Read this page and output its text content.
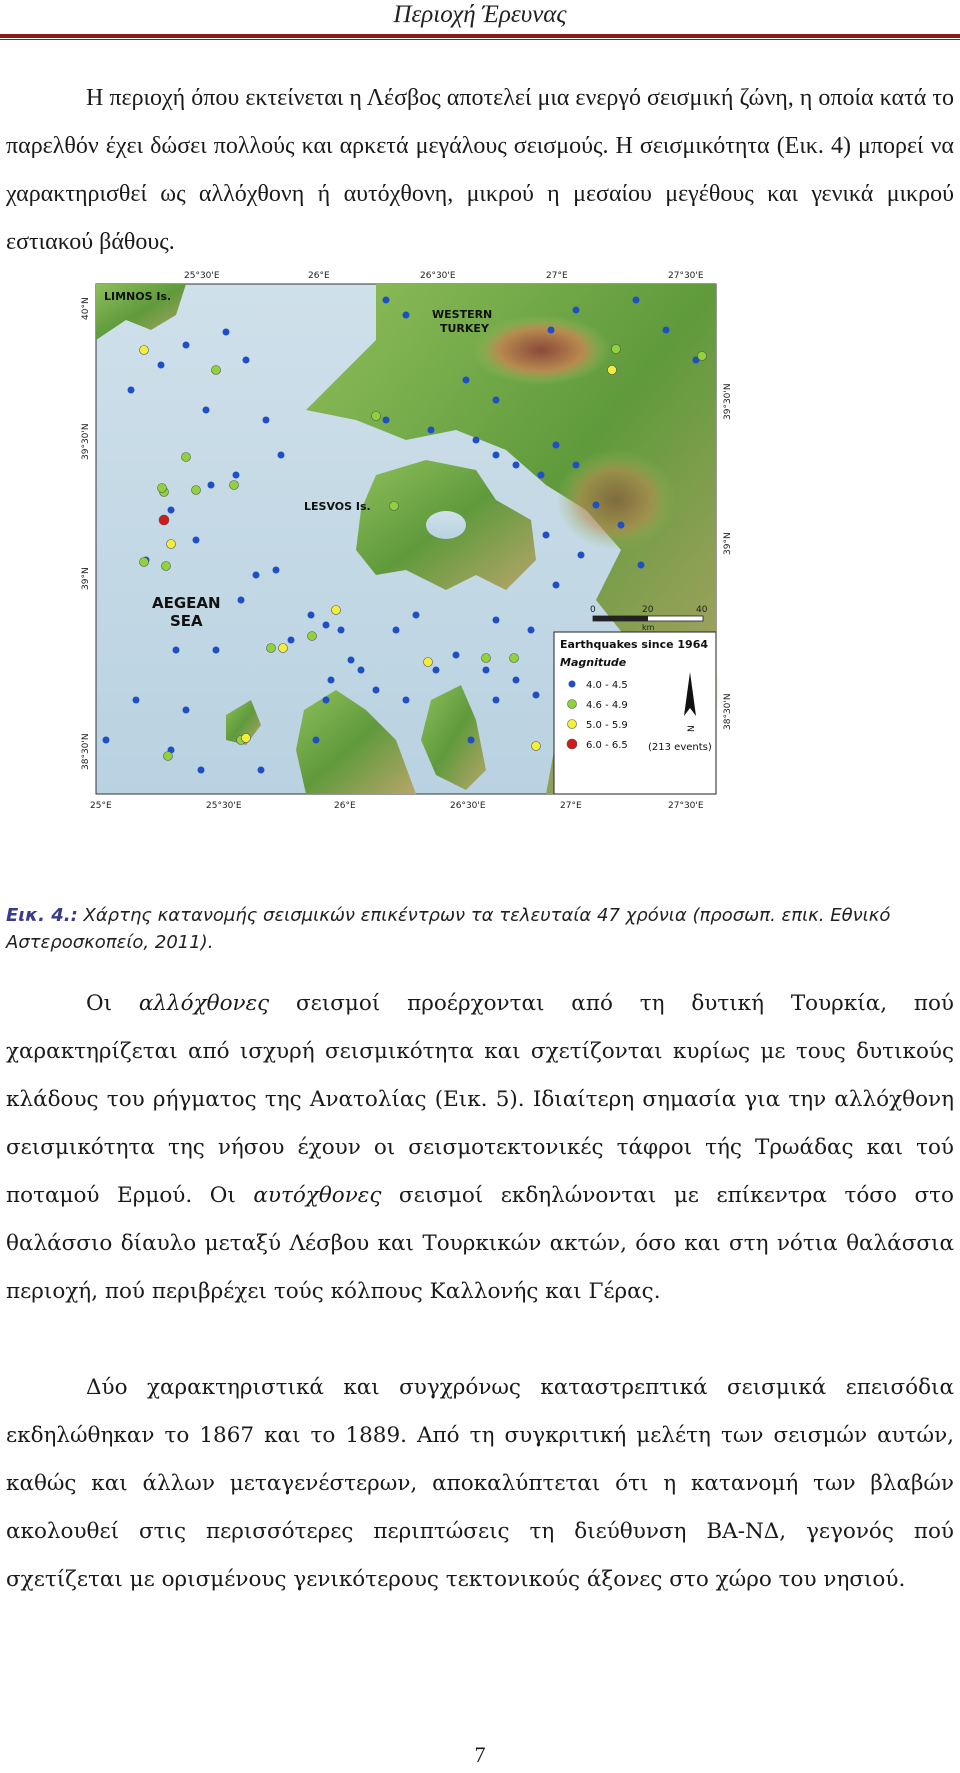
Περιοχή Έρευνας

Η περιοχή όπου εκτείνεται η Λέσβος αποτελεί μια ενεργό σεισμική ζώνη, η οποία κατά το παρελθόν έχει δώσει πολλούς και αρκετά μεγάλους σεισμούς. Η σεισμικότητα (Εικ. 4) μπορεί να χαρακτηρισθεί ως αλλόχθονη ή αυτόχθονη, μικρού η μεσαίου μεγέθους και γενικά μικρού εστιακού βάθους.

LIMNOS Is.
LESVOS Is.
WESTERN
TURKEY
AEGEAN
SEA
25°30'E	26°E	26°30'E	27°E	27°30'E
25°E	25°30'E	26°E	26°30'E	27°E	27°30'E
40°N
39°30'N
39°N
38°30'N
39°30'N
39°N
38°30'N
0	20	40
km
Earthquakes since 1964
Magnitude
4.0 - 4.5
4.6 - 4.9
5.0 - 5.9
6.0 - 6.5 (213 events)
N
Εικ. 4.: Χάρτης κατανομής σεισμικών επικέντρων τα τελευταία 47 χρόνια (προσωπ. επικ. Εθνικό Αστεροσκοπείο, 2011).

Οι αλλόχθονες σεισμοί προέρχονται από τη δυτική Τουρκία, πού χαρακτηρίζεται από ισχυρή σεισμικότητα και σχετίζονται κυρίως με τους δυτικούς κλάδους του ρήγματος της Ανατολίας (Εικ. 5). Ιδιαίτερη σημασία για την αλλόχθονη σεισμικότητα της νήσου έχουν οι σεισμοτεκτονικές τάφροι τής Τρωάδας και τού ποταμού Ερμού. Οι αυτόχθονες σεισμοί εκδηλώνονται με επίκεντρα τόσο στο θαλάσσιο δίαυλο μεταξύ Λέσβου και Τουρκικών ακτών, όσο και στη νότια θαλάσσια περιοχή, πού περιβρέχει τούς κόλπους Καλλονής και Γέρας.

Δύο χαρακτηριστικά και συγχρόνως καταστρεπτικά σεισμικά επεισόδια εκδηλώθηκαν το 1867 και το 1889. Από τη συγκριτική μελέτη των σεισμών αυτών, καθώς και άλλων μεταγενέστερων, αποκαλύπτεται ότι η κατανομή των βλαβών ακολουθεί στις περισσότερες περιπτώσεις τη διεύθυνση ΒΑ-ΝΔ, γεγονός πού σχετίζεται με ορισμένους γενικότερους τεκτονικούς άξονες στο χώρο του νησιού.

7
